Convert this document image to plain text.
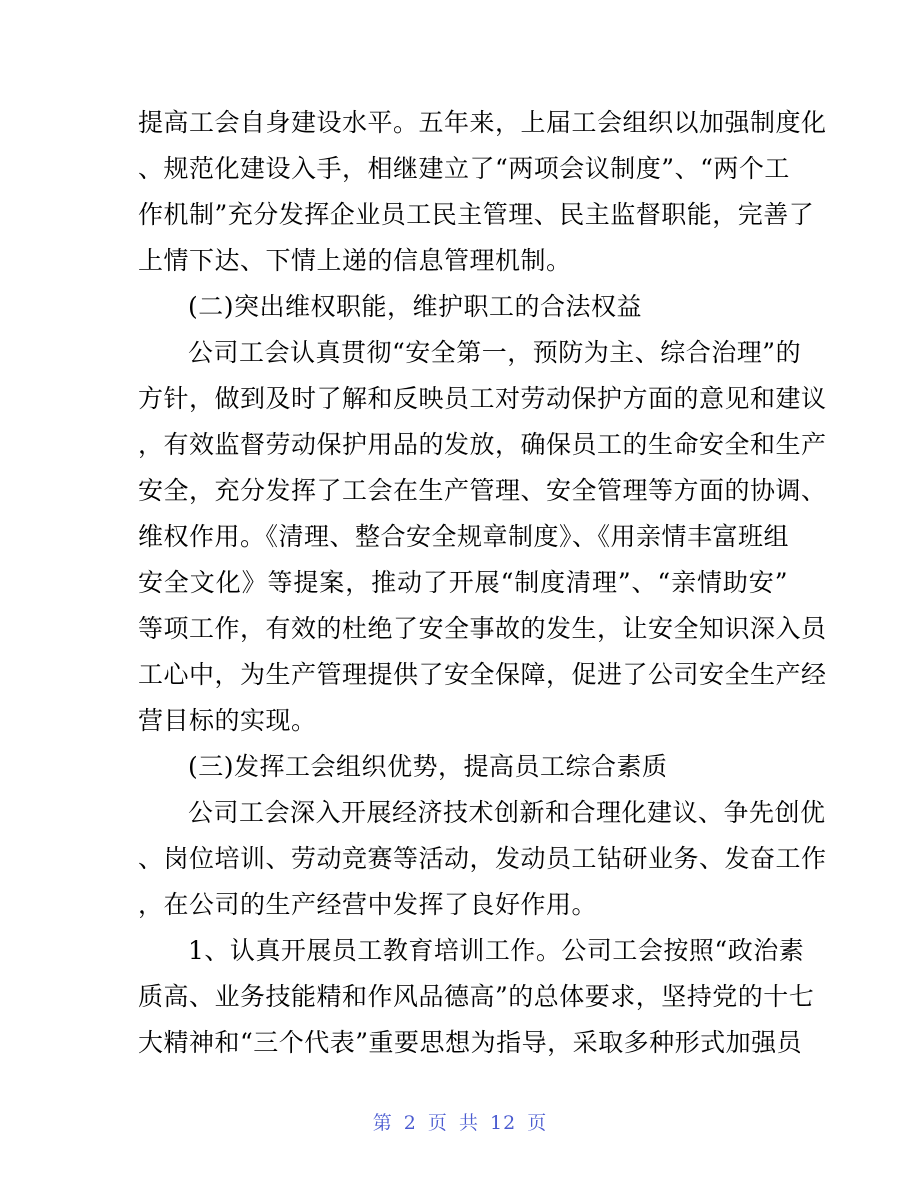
提高工会自身建设水平。五年来，上届工会组织以加强制度化
、规范化建设入手，相继建立了“两项会议制度”、“两个工
作机制”充分发挥企业员工民主管理、民主监督职能，完善了
上情下达、下情上递的信息管理机制。
(二)突出维权职能，维护职工的合法权益
公司工会认真贯彻“安全第一，预防为主、综合治理”的
方针，做到及时了解和反映员工对劳动保护方面的意见和建议
，有效监督劳动保护用品的发放，确保员工的生命安全和生产
安全，充分发挥了工会在生产管理、安全管理等方面的协调、
维权作用。《清理、整合安全规章制度》、《用亲情丰富班组
安全文化》等提案，推动了开展“制度清理”、“亲情助安”
等项工作，有效的杜绝了安全事故的发生，让安全知识深入员
工心中，为生产管理提供了安全保障，促进了公司安全生产经
营目标的实现。
(三)发挥工会组织优势，提高员工综合素质
公司工会深入开展经济技术创新和合理化建议、争先创优
、岗位培训、劳动竞赛等活动，发动员工钻研业务、发奋工作
，在公司的生产经营中发挥了良好作用。
1、认真开展员工教育培训工作。公司工会按照“政治素
质高、业务技能精和作风品德高”的总体要求，坚持党的十七
大精神和“三个代表”重要思想为指导，采取多种形式加强员
第 2 页 共 12 页
